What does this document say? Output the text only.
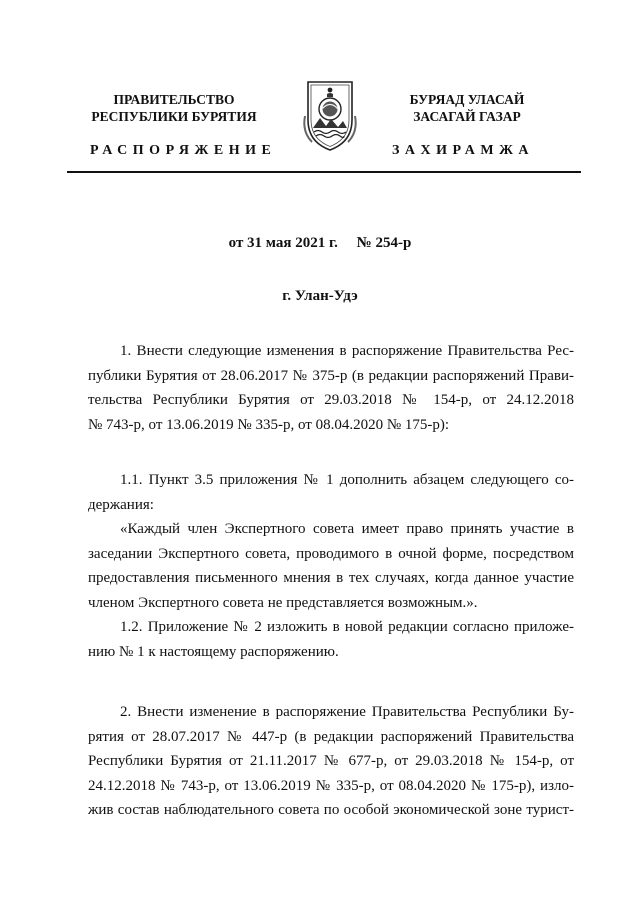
ПРАВИТЕЛЬСТВО
РЕСПУБЛИКИ БУРЯТИЯ
БУРЯАД УЛАСАЙ
ЗАСАГАЙ ГАЗАР
РАСПОРЯЖЕНИЕ	ЗАХИРАМЖА
от 31 мая 2021 г. № 254-р
г. Улан-Удэ
1. Внести следующие изменения в распоряжение Правительства Рес-
публики Бурятия от 28.06.2017 № 375-р (в редакции распоряжений Прави-
тельства Республики Бурятия от 29.03.2018 № 154-р, от 24.12.2018
№ 743-р, от 13.06.2019 № 335-р, от 08.04.2020 № 175-р):
1.1. Пункт 3.5 приложения № 1 дополнить абзацем следующего со-
держания:
«Каждый член Экспертного совета имеет право принять участие в
заседании Экспертного совета, проводимого в очной форме, посредством
предоставления письменного мнения в тех случаях, когда данное участие
членом Экспертного совета не представляется возможным.».
1.2. Приложение № 2 изложить в новой редакции согласно приложе-
нию № 1 к настоящему распоряжению.
2. Внести изменение в распоряжение Правительства Республики Бу-
рятия от 28.07.2017 № 447-р (в редакции распоряжений Правительства
Республики Бурятия от 21.11.2017 № 677-р, от 29.03.2018 № 154-р, от
24.12.2018 № 743-р, от 13.06.2019 № 335-р, от 08.04.2020 № 175-р), изло-
жив состав наблюдательного совета по особой экономической зоне турист-
